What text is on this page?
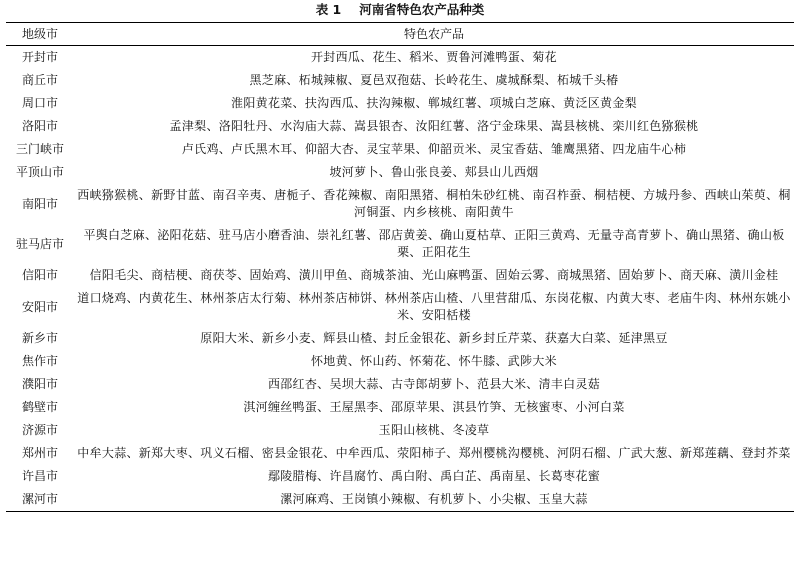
表 1 河南省特色农产品种类
地级市	特色农产品
开封市	开封西瓜、花生、稻米、贾鲁河滩鸭蛋、菊花
商丘市	黑芝麻、柘城辣椒、夏邑双孢菇、长岭花生、虞城酥梨、柘城千头椿
周口市	淮阳黄花菜、扶沟西瓜、扶沟辣椒、郸城红薯、项城白芝麻、黄泛区黄金梨
洛阳市	孟津梨、洛阳牡丹、水沟庙大蒜、嵩县银杏、汝阳红薯、洛宁金珠果、嵩县核桃、栾川红色猕猴桃
三门峡市	卢氏鸡、卢氏黑木耳、仰韶大杏、灵宝苹果、仰韶贡米、灵宝香菇、雏鹰黑猪、四龙庙牛心柿
平顶山市	坡河萝卜、鲁山张良姜、郏县山儿西烟
南阳市	西峡猕猴桃、新野甘蓝、南召辛夷、唐栀子、香花辣椒、南阳黑猪、桐柏朱砂红桃、南召柞蚕、桐桔梗、方城丹参、西峡山茱萸、桐河铜蛋、内乡核桃、南阳黄牛
驻马店市	平舆白芝麻、泌阳花菇、驻马店小磨香油、崇礼红薯、邵店黄姜、确山夏枯草、正阳三黄鸡、无量寺高青萝卜、确山黑猪、确山板栗、正阳花生
信阳市	信阳毛尖、商桔梗、商茯苓、固始鸡、潢川甲鱼、商城茶油、光山麻鸭蛋、固始云雾、商城黑猪、固始萝卜、商天麻、潢川金桂
安阳市	道口烧鸡、内黄花生、林州茶店太行菊、林州茶店柿饼、林州茶店山楂、八里营甜瓜、东岗花椒、内黄大枣、老庙牛肉、林州东姚小米、安阳栝楼
新乡市	原阳大米、新乡小麦、辉县山楂、封丘金银花、新乡封丘芹菜、获嘉大白菜、延津黑豆
焦作市	怀地黄、怀山药、怀菊花、怀牛膝、武陟大米
濮阳市	西邵红杏、吴坝大蒜、古寺郎胡萝卜、范县大米、清丰白灵菇
鹤壁市	淇河缠丝鸭蛋、王屋黑李、邵原苹果、淇县竹笋、无核蜜枣、小河白菜
济源市	玉阳山核桃、冬凌草
郑州市	中牟大蒜、新郑大枣、巩义石榴、密县金银花、中牟西瓜、荥阳柿子、郑州樱桃沟樱桃、河阴石榴、广武大葱、新郑莲藕、登封芥菜
许昌市	鄢陵腊梅、许昌腐竹、禹白附、禹白芷、禹南星、长葛枣花蜜
漯河市	漯河麻鸡、王岗镇小辣椒、有机萝卜、小尖椒、玉皇大蒜
